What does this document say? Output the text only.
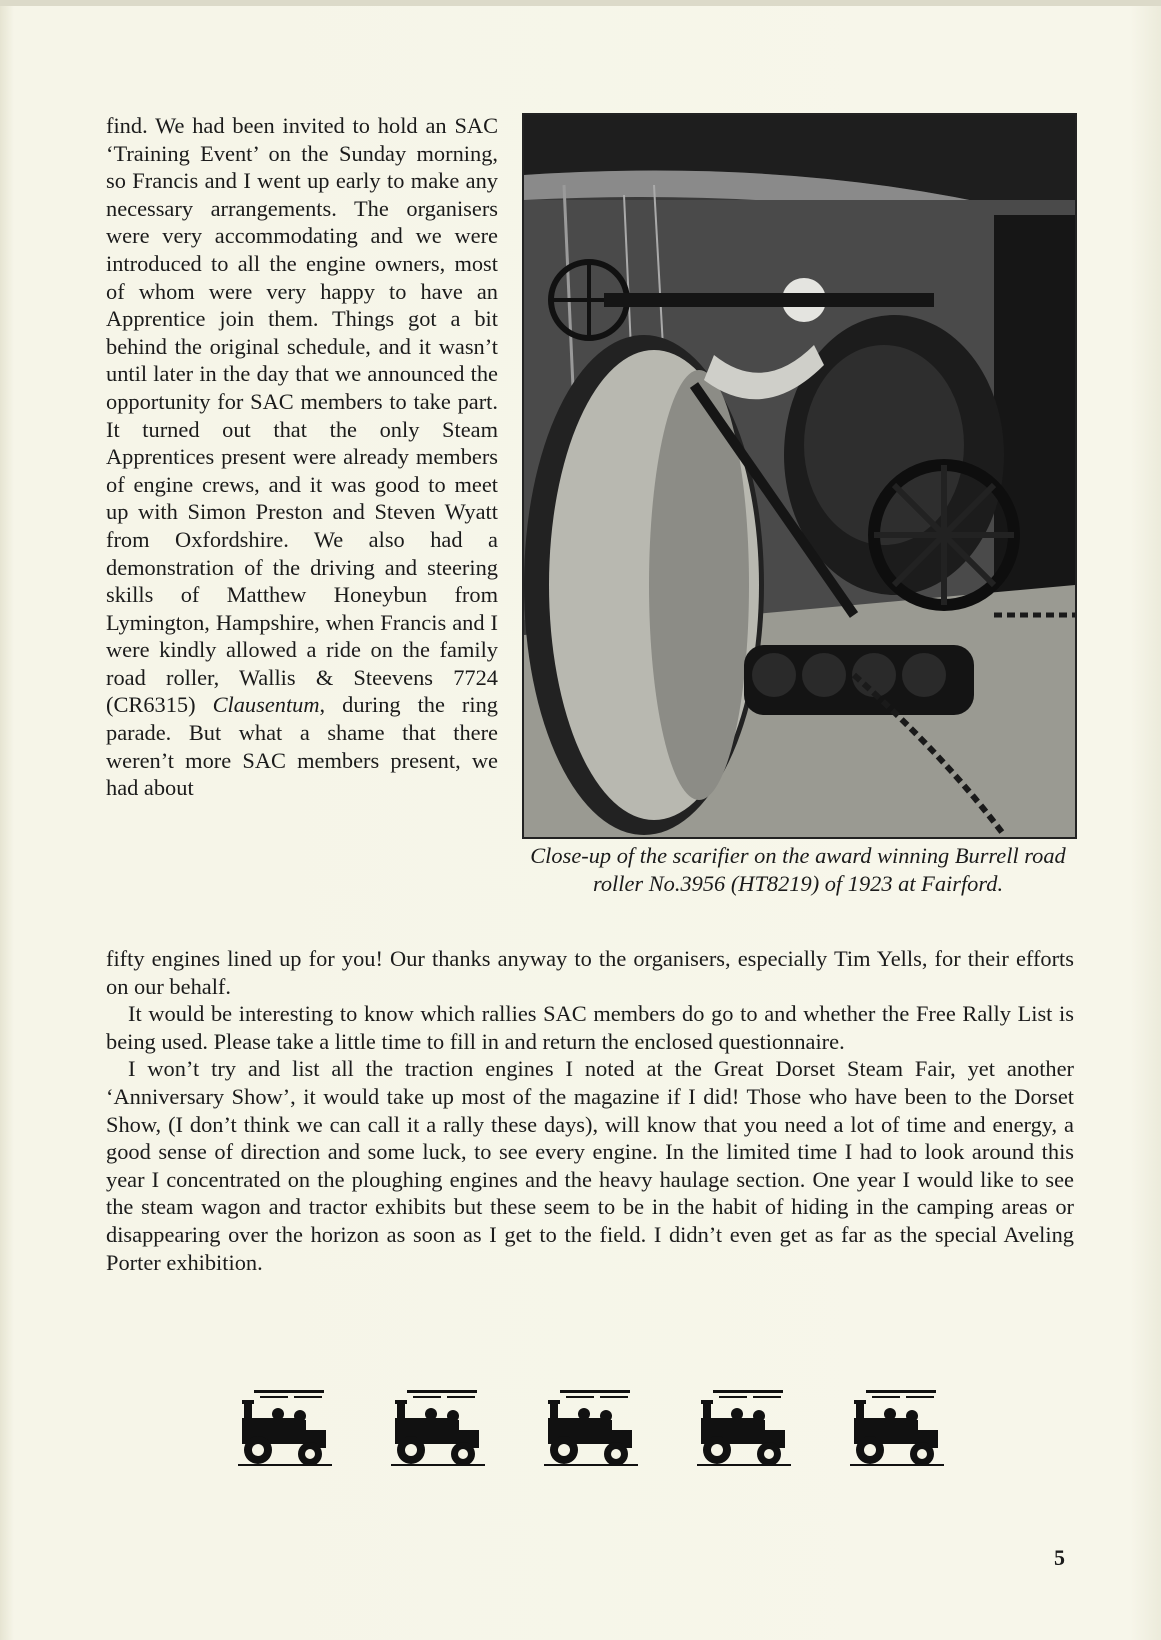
find. We had been invited to hold an SAC ‘Training Event’ on the Sunday morning, so Francis and I went up early to make any necessary arrangements. The organisers were very accommodating and we were introduced to all the engine owners, most of whom were very happy to have an Apprentice join them. Things got a bit behind the original schedule, and it wasn’t until later in the day that we announced the opportunity for SAC members to take part. It turned out that the only Steam Apprentices present were already members of engine crews, and it was good to meet up with Simon Preston and Steven Wyatt from Oxfordshire. We also had a demonstration of the driving and steering skills of Matthew Honeybun from Lymington, Hampshire, when Francis and I were kindly allowed a ride on the family road roller, Wallis & Steevens 7724 (CR6315) Clausentum, during the ring parade. But what a shame that there weren’t more SAC members present, we had about

Close-up of the scarifier on the award winning Burrell road roller No.3956 (HT8219) of 1923 at Fairford.

fifty engines lined up for you! Our thanks anyway to the organisers, especially Tim Yells, for their efforts on our behalf.

It would be interesting to know which rallies SAC members do go to and whether the Free Rally List is being used. Please take a little time to fill in and return the enclosed questionnaire.

I won’t try and list all the traction engines I noted at the Great Dorset Steam Fair, yet another ‘Anniversary Show’, it would take up most of the magazine if I did! Those who have been to the Dorset Show, (I don’t think we can call it a rally these days), will know that you need a lot of time and energy, a good sense of direction and some luck, to see every engine. In the limited time I had to look around this year I concentrated on the ploughing engines and the heavy haulage section. One year I would like to see the steam wagon and tractor exhibits but these seem to be in the habit of hiding in the camping areas or disappearing over the horizon as soon as I get to the field. I didn’t even get as far as the special Aveling Porter exhibition.

5
